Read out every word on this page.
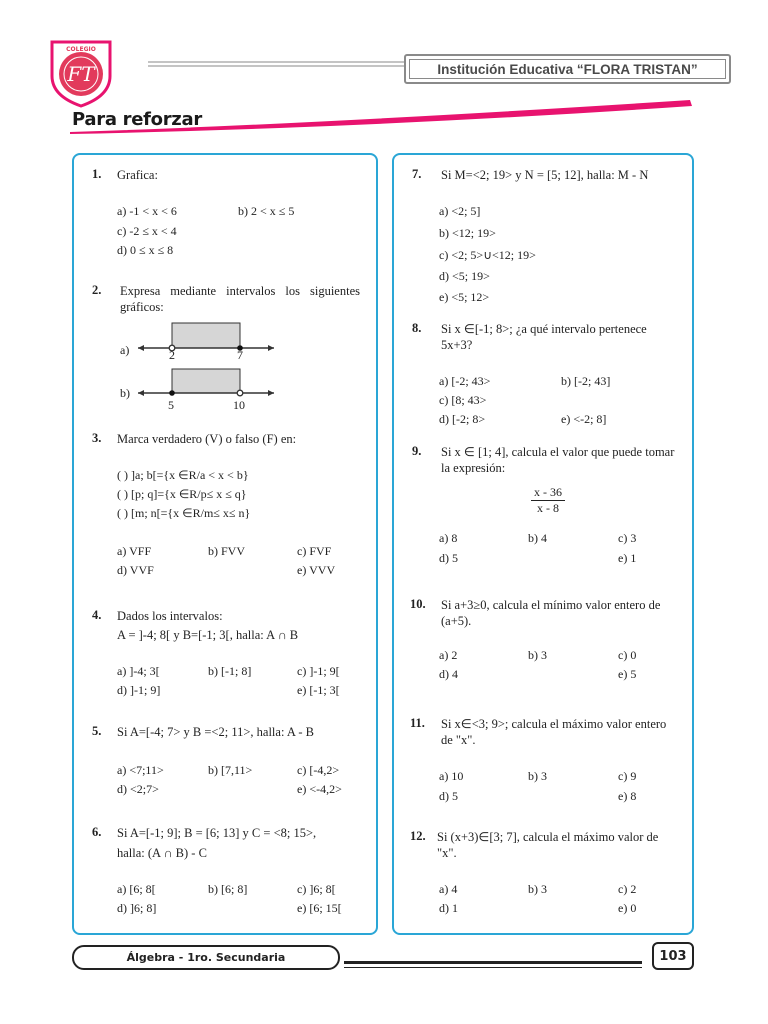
FT
COLEGIO
Institución Educativa “FLORA TRISTAN”
Para reforzar
1. Grafica:
a) -1 < x < 6	b) 2 < x ≤ 5
c) -2 ≤ x < 4
d) 0 ≤ x ≤ 8
2. Expresa mediante intervalos los siguientes gráficos:
a)	2	7
b)
5	10
3. Marca verdadero (V) o falso (F) en:
( ) ]a; b[={x ∈R/a < x < b}
( ) [p; q]={x ∈R/p≤ x ≤ q}
( ) [m; n[={x ∈R/m≤ x≤ n}
a) VFF	b) FVV	c) FVF
d) VVF	e) VVV
4. Dados los intervalos:
A = ]-4; 8[ y B=[-1; 3[, halla: A ∩ B
a) ]-4; 3[	b) [-1; 8]	c) ]-1; 9[
d) ]-1; 9]	e) [-1; 3[
5. Si A=[-4; 7> y B =<2; 11>, halla: A - B
a) <7;11>	b) [7,11>	c) [-4,2>
d) <2;7>	e) <-4,2>
6. Si A=[-1; 9]; B = [6; 13] y C = <8; 15>,
halla: (A ∩ B) - C
a) [6; 8[	b) [6; 8]	c) ]6; 8[
d) ]6; 8]	e) [6; 15[
7. Si M=<2; 19> y N = [5; 12], halla: M - N
a) <2; 5]
b) <12; 19>
c) <2; 5>∪<12; 19>
d) <5; 19>
e) <5; 12>
8. Si x ∈[-1; 8>; ¿a qué intervalo pertenece 5x+3?
a) [-2; 43>	b) [-2; 43]
c) [8; 43>
d) [-2; 8>	e) <-2; 8]
9. Si x ∈ [1; 4], calcula el valor que puede tomar la expresión:
x - 36
x - 8
a) 8	b) 4	c) 3
d) 5	e) 1
10. Si a+3≥0, calcula el mínimo valor entero de (a+5).
a) 2	b) 3	c) 0
d) 4	e) 5
11. Si x∈<3; 9>; calcula el máximo valor entero de "x".
a) 10	b) 3	c) 9
d) 5	e) 8
12. Si (x+3)∈[3; 7], calcula el máximo valor de "x".
a) 4	b) 3	c) 2
d) 1	e) 0
Álgebra - 1ro. Secundaria	103
